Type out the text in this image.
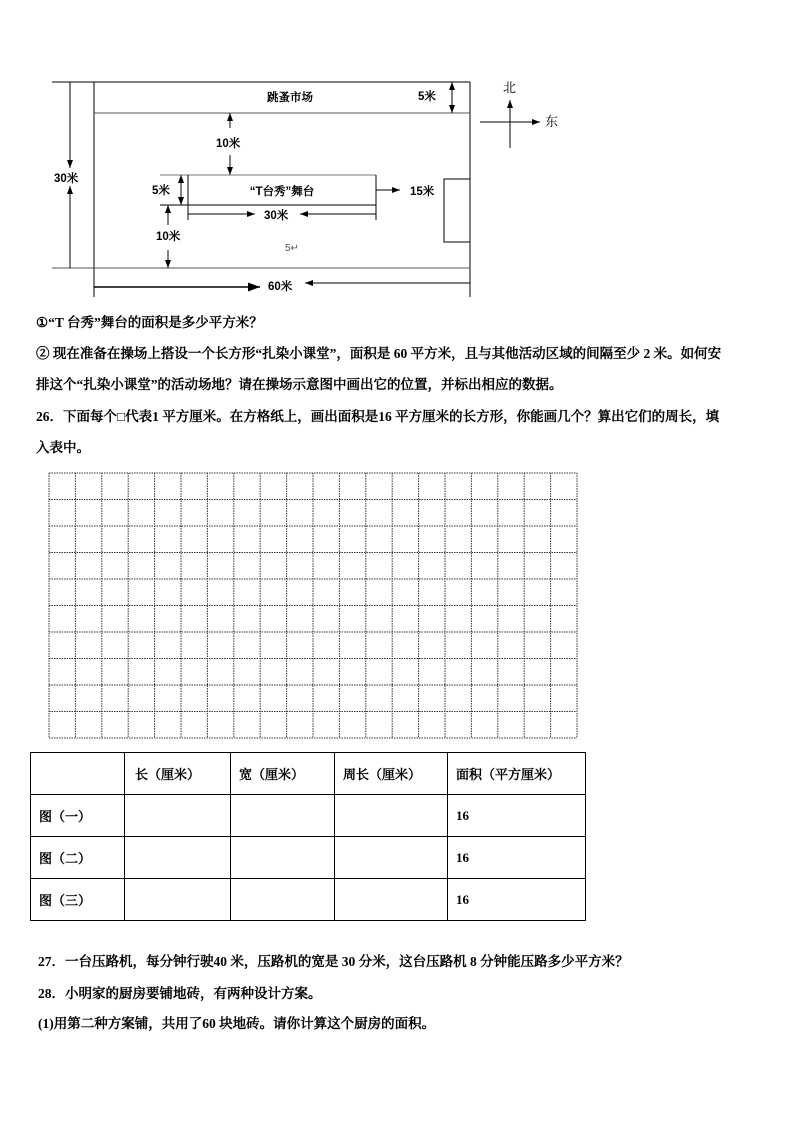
跳蚤市场	5米
10米
30米
5米	“T台秀”舞台	15米
30米
10米
5↵
60米
北
东
①“T 台秀”舞台的面积是多少平方米？
② 现在准备在操场上搭设一个长方形“扎染小课堂”，面积是 60 平方米，且与其他活动区域的间隔至少 2 米。如何安
排这个“扎染小课堂”的活动场地？请在操场示意图中画出它的位置，并标出相应的数据。
26．下面每个□代表1 平方厘米。在方格纸上，画出面积是16 平方厘米的长方形，你能画几个？算出它们的周长，填
入表中。
	长（厘米）	宽（厘米）	周长（厘米）	面积（平方厘米）
图（一）				16
图（二）				16
图（三）				16
27．一台压路机，每分钟行驶40 米，压路机的宽是 30 分米，这台压路机 8 分钟能压路多少平方米？
28．小明家的厨房要铺地砖，有两种设计方案。
(1)用第二种方案铺，共用了60 块地砖。请你计算这个厨房的面积。
